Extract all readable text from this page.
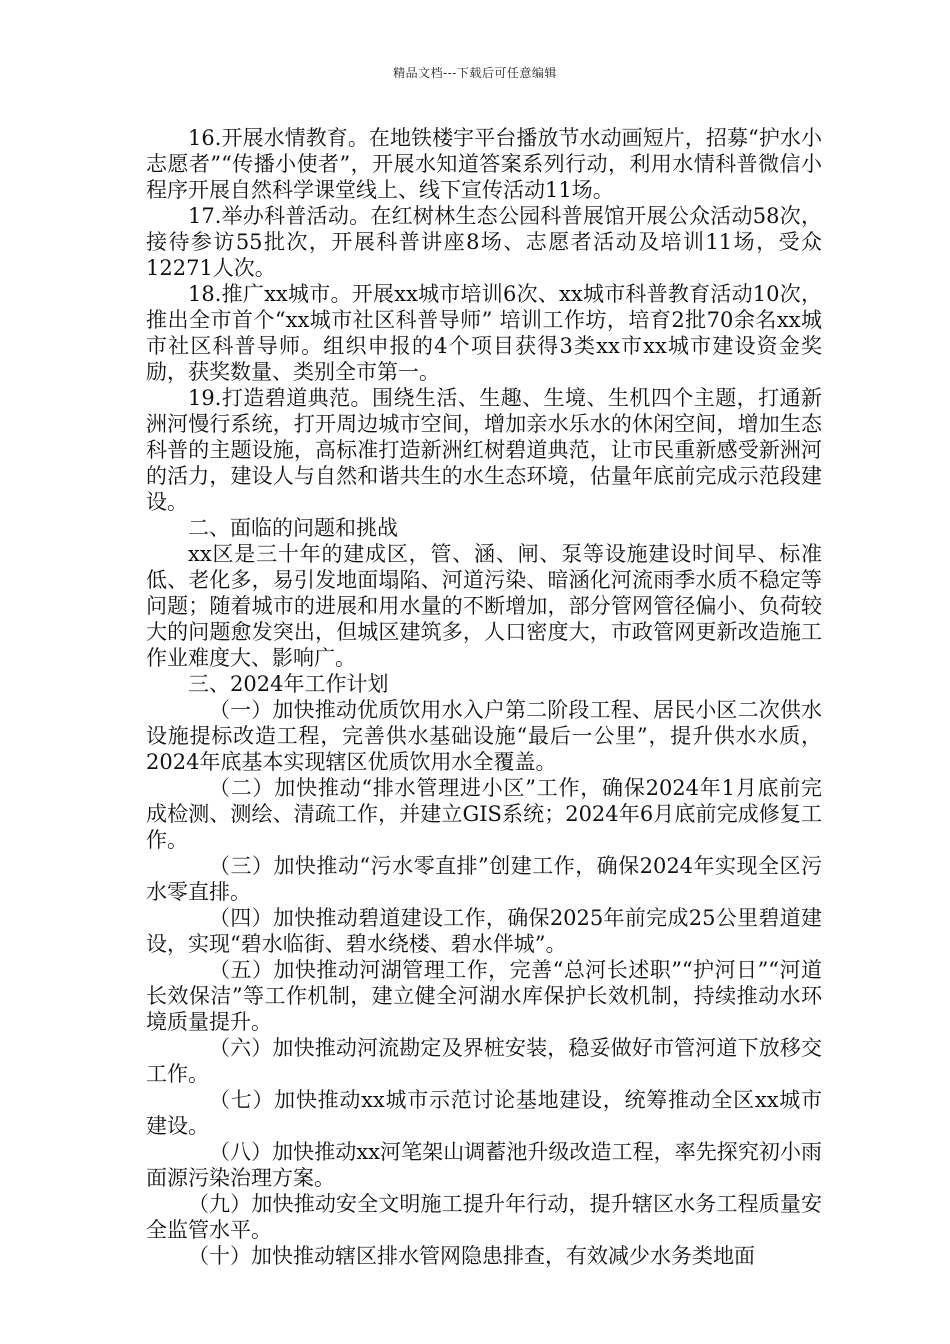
精品文档---下载后可任意编辑

16.开展水情教育。在地铁楼宇平台播放节水动画短片，招募“护水小志愿者”“传播小使者”，开展水知道答案系列行动，利用水情科普微信小程序开展自然科学课堂线上、线下宣传活动11场。

17.举办科普活动。在红树林生态公园科普展馆开展公众活动58次，接待参访55批次，开展科普讲座8场、志愿者活动及培训11场，受众12271人次。

18.推广xx城市。开展xx城市培训6次、xx城市科普教育活动10次，推出全市首个“xx城市社区科普导师” 培训工作坊，培育2批70余名xx城市社区科普导师。组织申报的4个项目获得3类xx市xx城市建设资金奖励，获奖数量、类别全市第一。

19.打造碧道典范。围绕生活、生趣、生境、生机四个主题，打通新洲河慢行系统，打开周边城市空间，增加亲水乐水的休闲空间，增加生态科普的主题设施，高标准打造新洲红树碧道典范，让市民重新感受新洲河的活力，建设人与自然和谐共生的水生态环境，估量年底前完成示范段建设。

二、面临的问题和挑战

xx区是三十年的建成区，管、涵、闸、泵等设施建设时间早、标准低、老化多，易引发地面塌陷、河道污染、暗涵化河流雨季水质不稳定等问题；随着城市的进展和用水量的不断增加，部分管网管径偏小、负荷较大的问题愈发突出，但城区建筑多，人口密度大，市政管网更新改造施工作业难度大、影响广。

三、2024年工作计划

（一）加快推动优质饮用水入户第二阶段工程、居民小区二次供水设施提标改造工程，完善供水基础设施“最后一公里”，提升供水水质，2024年底基本实现辖区优质饮用水全覆盖。

（二）加快推动“排水管理进小区”工作，确保2024年1月底前完成检测、测绘、清疏工作，并建立GIS系统；2024年6月底前完成修复工作。

（三）加快推动“污水零直排”创建工作，确保2024年实现全区污水零直排。

（四）加快推动碧道建设工作，确保2025年前完成25公里碧道建设，实现“碧水临街、碧水绕楼、碧水伴城”。

（五）加快推动河湖管理工作，完善“总河长述职”“护河日”“河道长效保洁”等工作机制，建立健全河湖水库保护长效机制，持续推动水环境质量提升。

（六）加快推动河流勘定及界桩安装，稳妥做好市管河道下放移交工作。

（七）加快推动xx城市示范讨论基地建设，统筹推动全区xx城市建设。

（八）加快推动xx河笔架山调蓄池升级改造工程，率先探究初小雨面源污染治理方案。

（九）加快推动安全文明施工提升年行动，提升辖区水务工程质量安全监管水平。

（十）加快推动辖区排水管网隐患排查，有效减少水务类地面
